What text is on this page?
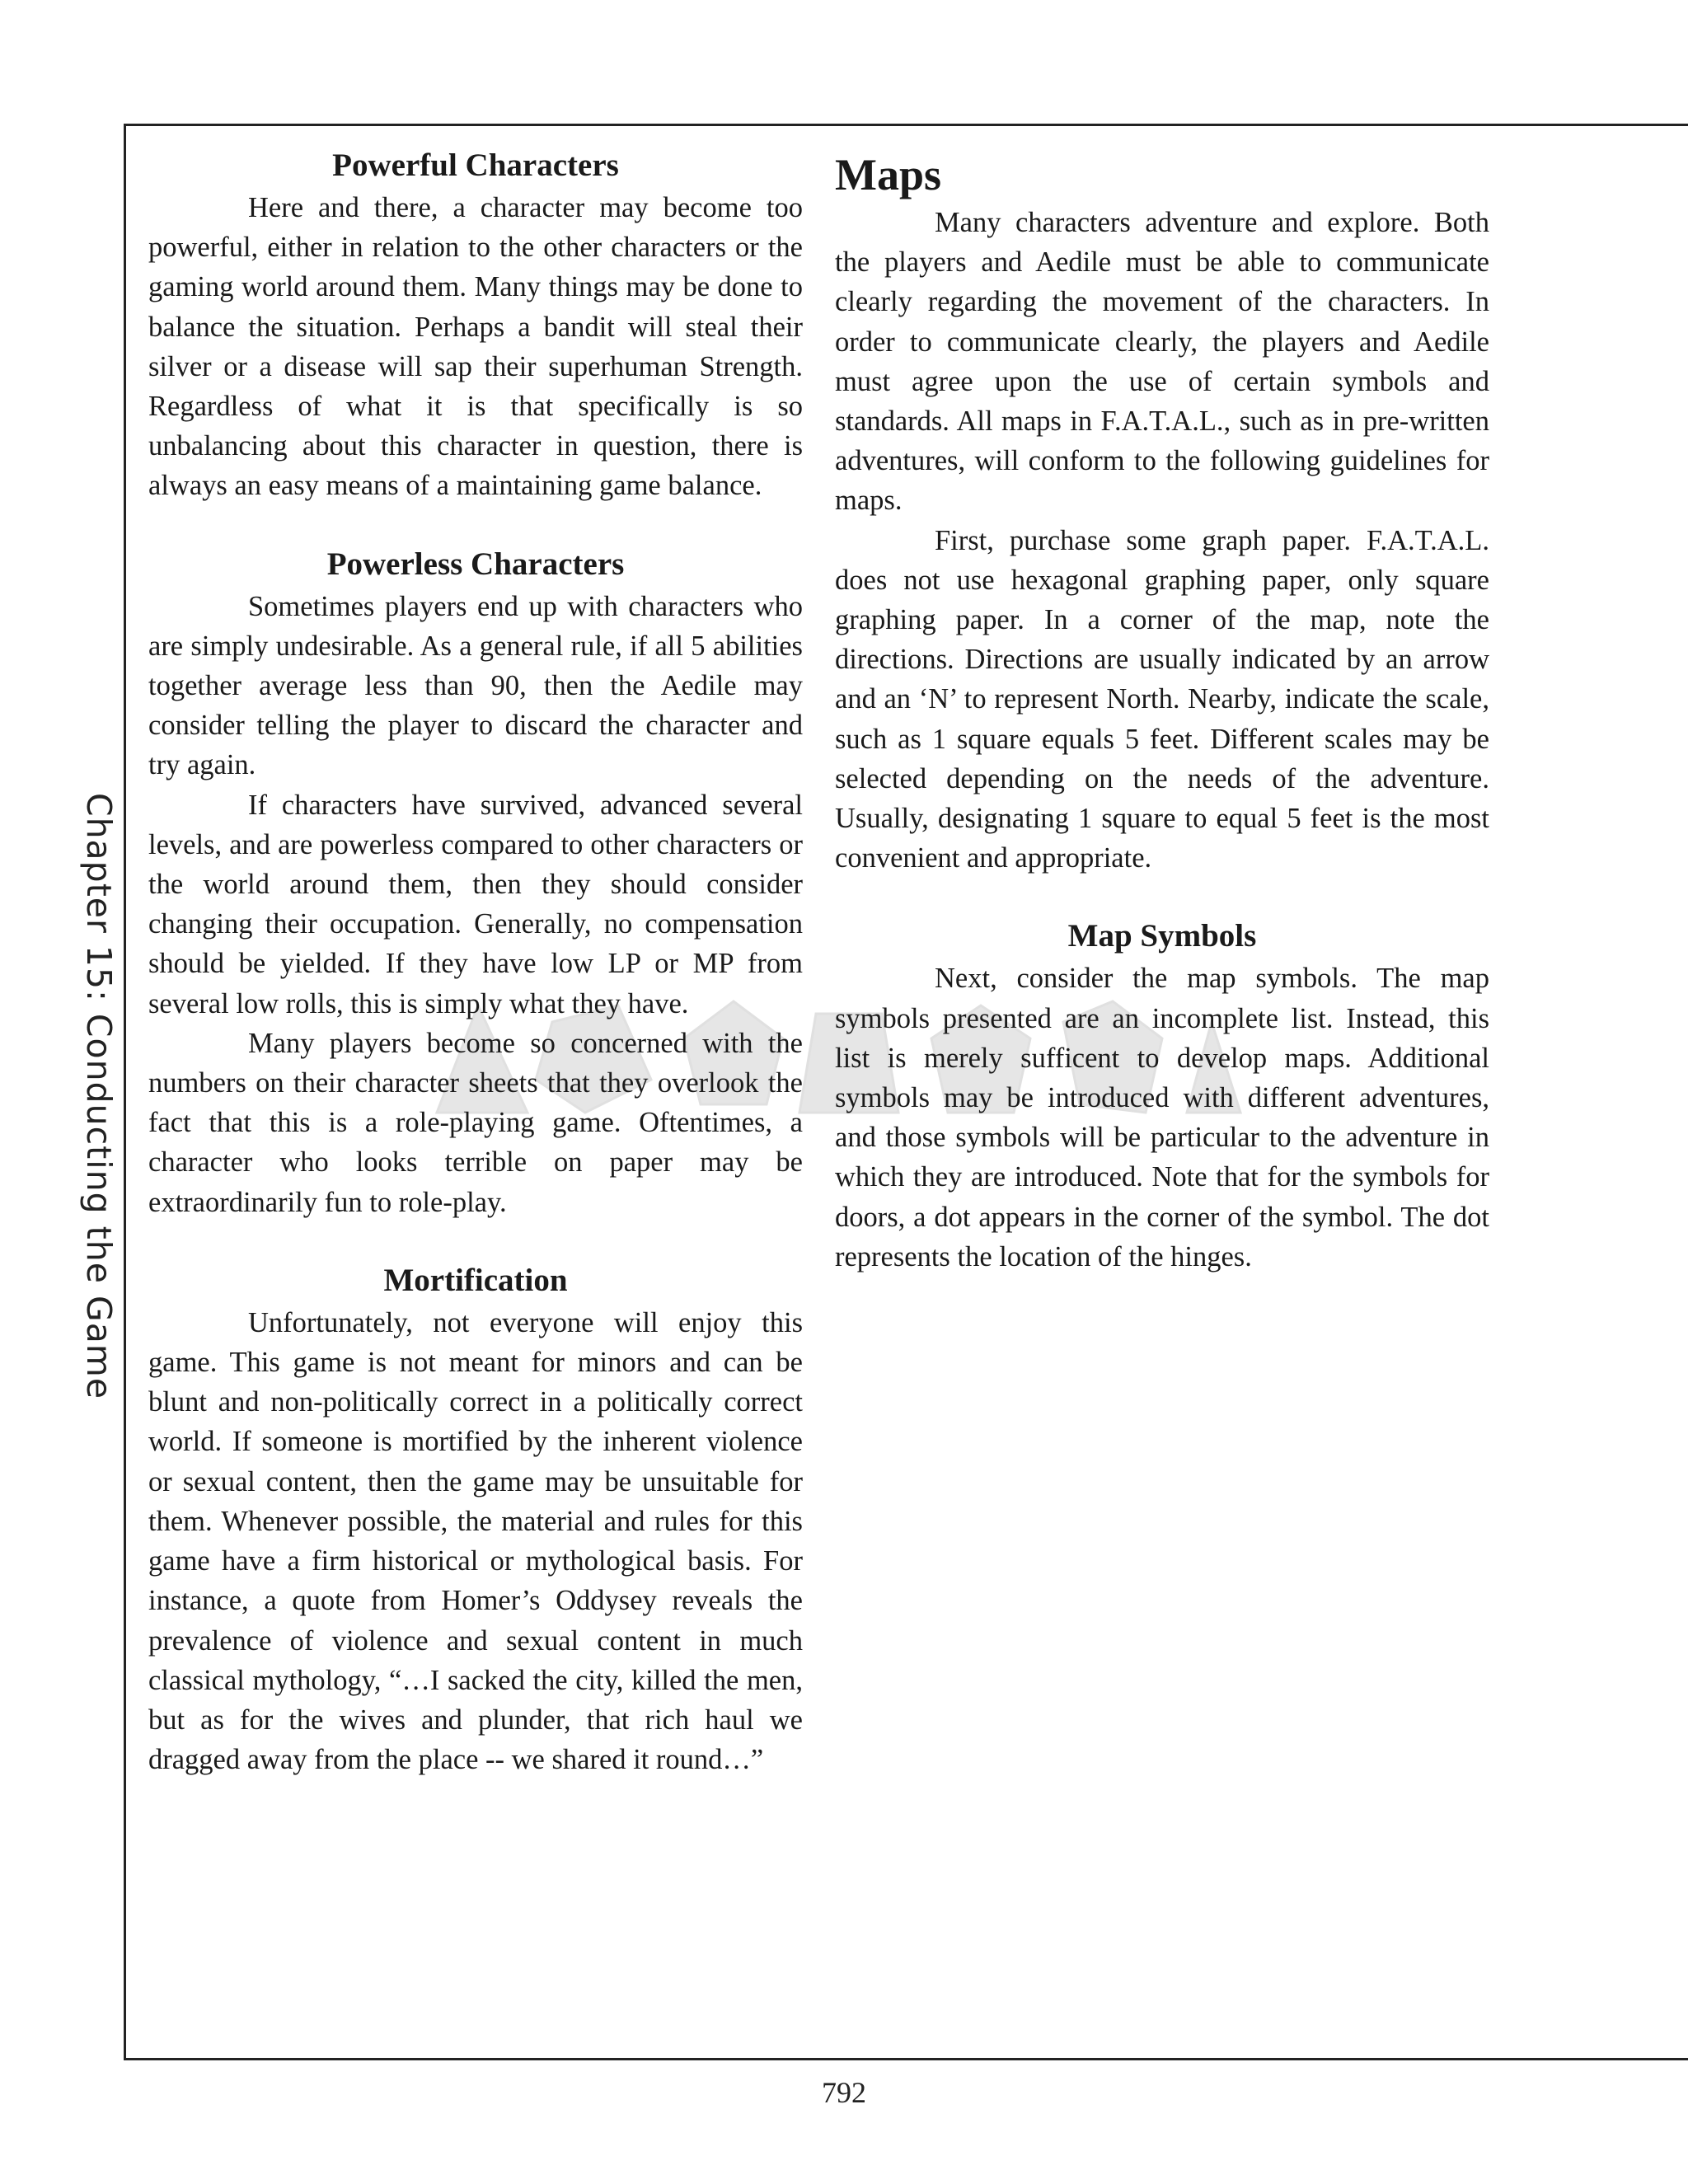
Chapter 15: Conducting the Game
Powerful Characters

Here and there, a character may become too powerful, either in relation to the other characters or the gaming world around them. Many things may be done to balance the situation. Perhaps a bandit will steal their silver or a disease will sap their superhuman Strength. Regardless of what it is that specifically is so unbalancing about this character in question, there is always an easy means of a maintaining game balance.

Powerless Characters

Sometimes players end up with characters who are simply undesirable. As a general rule, if all 5 abilities together average less than 90, then the Aedile may consider telling the player to discard the character and try again.

If characters have survived, advanced several levels, and are powerless compared to other characters or the world around them, then they should consider changing their occupation. Generally, no compensation should be yielded. If they have low LP or MP from several low rolls, this is simply what they have.

Many players become so concerned with the numbers on their character sheets that they overlook the fact that this is a role-playing game. Oftentimes, a character who looks terrible on paper may be extraordinarily fun to role-play.

Mortification

Unfortunately, not everyone will enjoy this game. This game is not meant for minors and can be blunt and non-politically correct in a politically correct world. If someone is mortified by the inherent violence or sexual content, then the game may be unsuitable for them. Whenever possible, the material and rules for this game have a firm historical or mythological basis. For instance, a quote from Homer’s Oddysey reveals the prevalence of violence and sexual content in much classical mythology, “…I sacked the city, killed the men, but as for the wives and plunder, that rich haul we dragged away from the place -- we shared it round…”

Maps

Many characters adventure and explore. Both the players and Aedile must be able to communicate clearly regarding the movement of the characters. In order to communicate clearly, the players and Aedile must agree upon the use of certain symbols and standards. All maps in F.A.T.A.L., such as in pre-written adventures, will conform to the following guidelines for maps.

First, purchase some graph paper. F.A.T.A.L. does not use hexagonal graphing paper, only square graphing paper. In a corner of the map, note the directions. Directions are usually indicated by an arrow and an ‘N’ to represent North. Nearby, indicate the scale, such as 1 square equals 5 feet. Different scales may be selected depending on the needs of the adventure. Usually, designating 1 square to equal 5 feet is the most convenient and appropriate.

Map Symbols

Next, consider the map symbols. The map symbols presented are an incomplete list. Instead, this list is merely sufficent to develop maps. Additional symbols may be introduced with different adventures, and those symbols will be particular to the adventure in which they are introduced. Note that for the symbols for doors, a dot appears in the corner of the symbol. The dot represents the location of the hinges.

792
